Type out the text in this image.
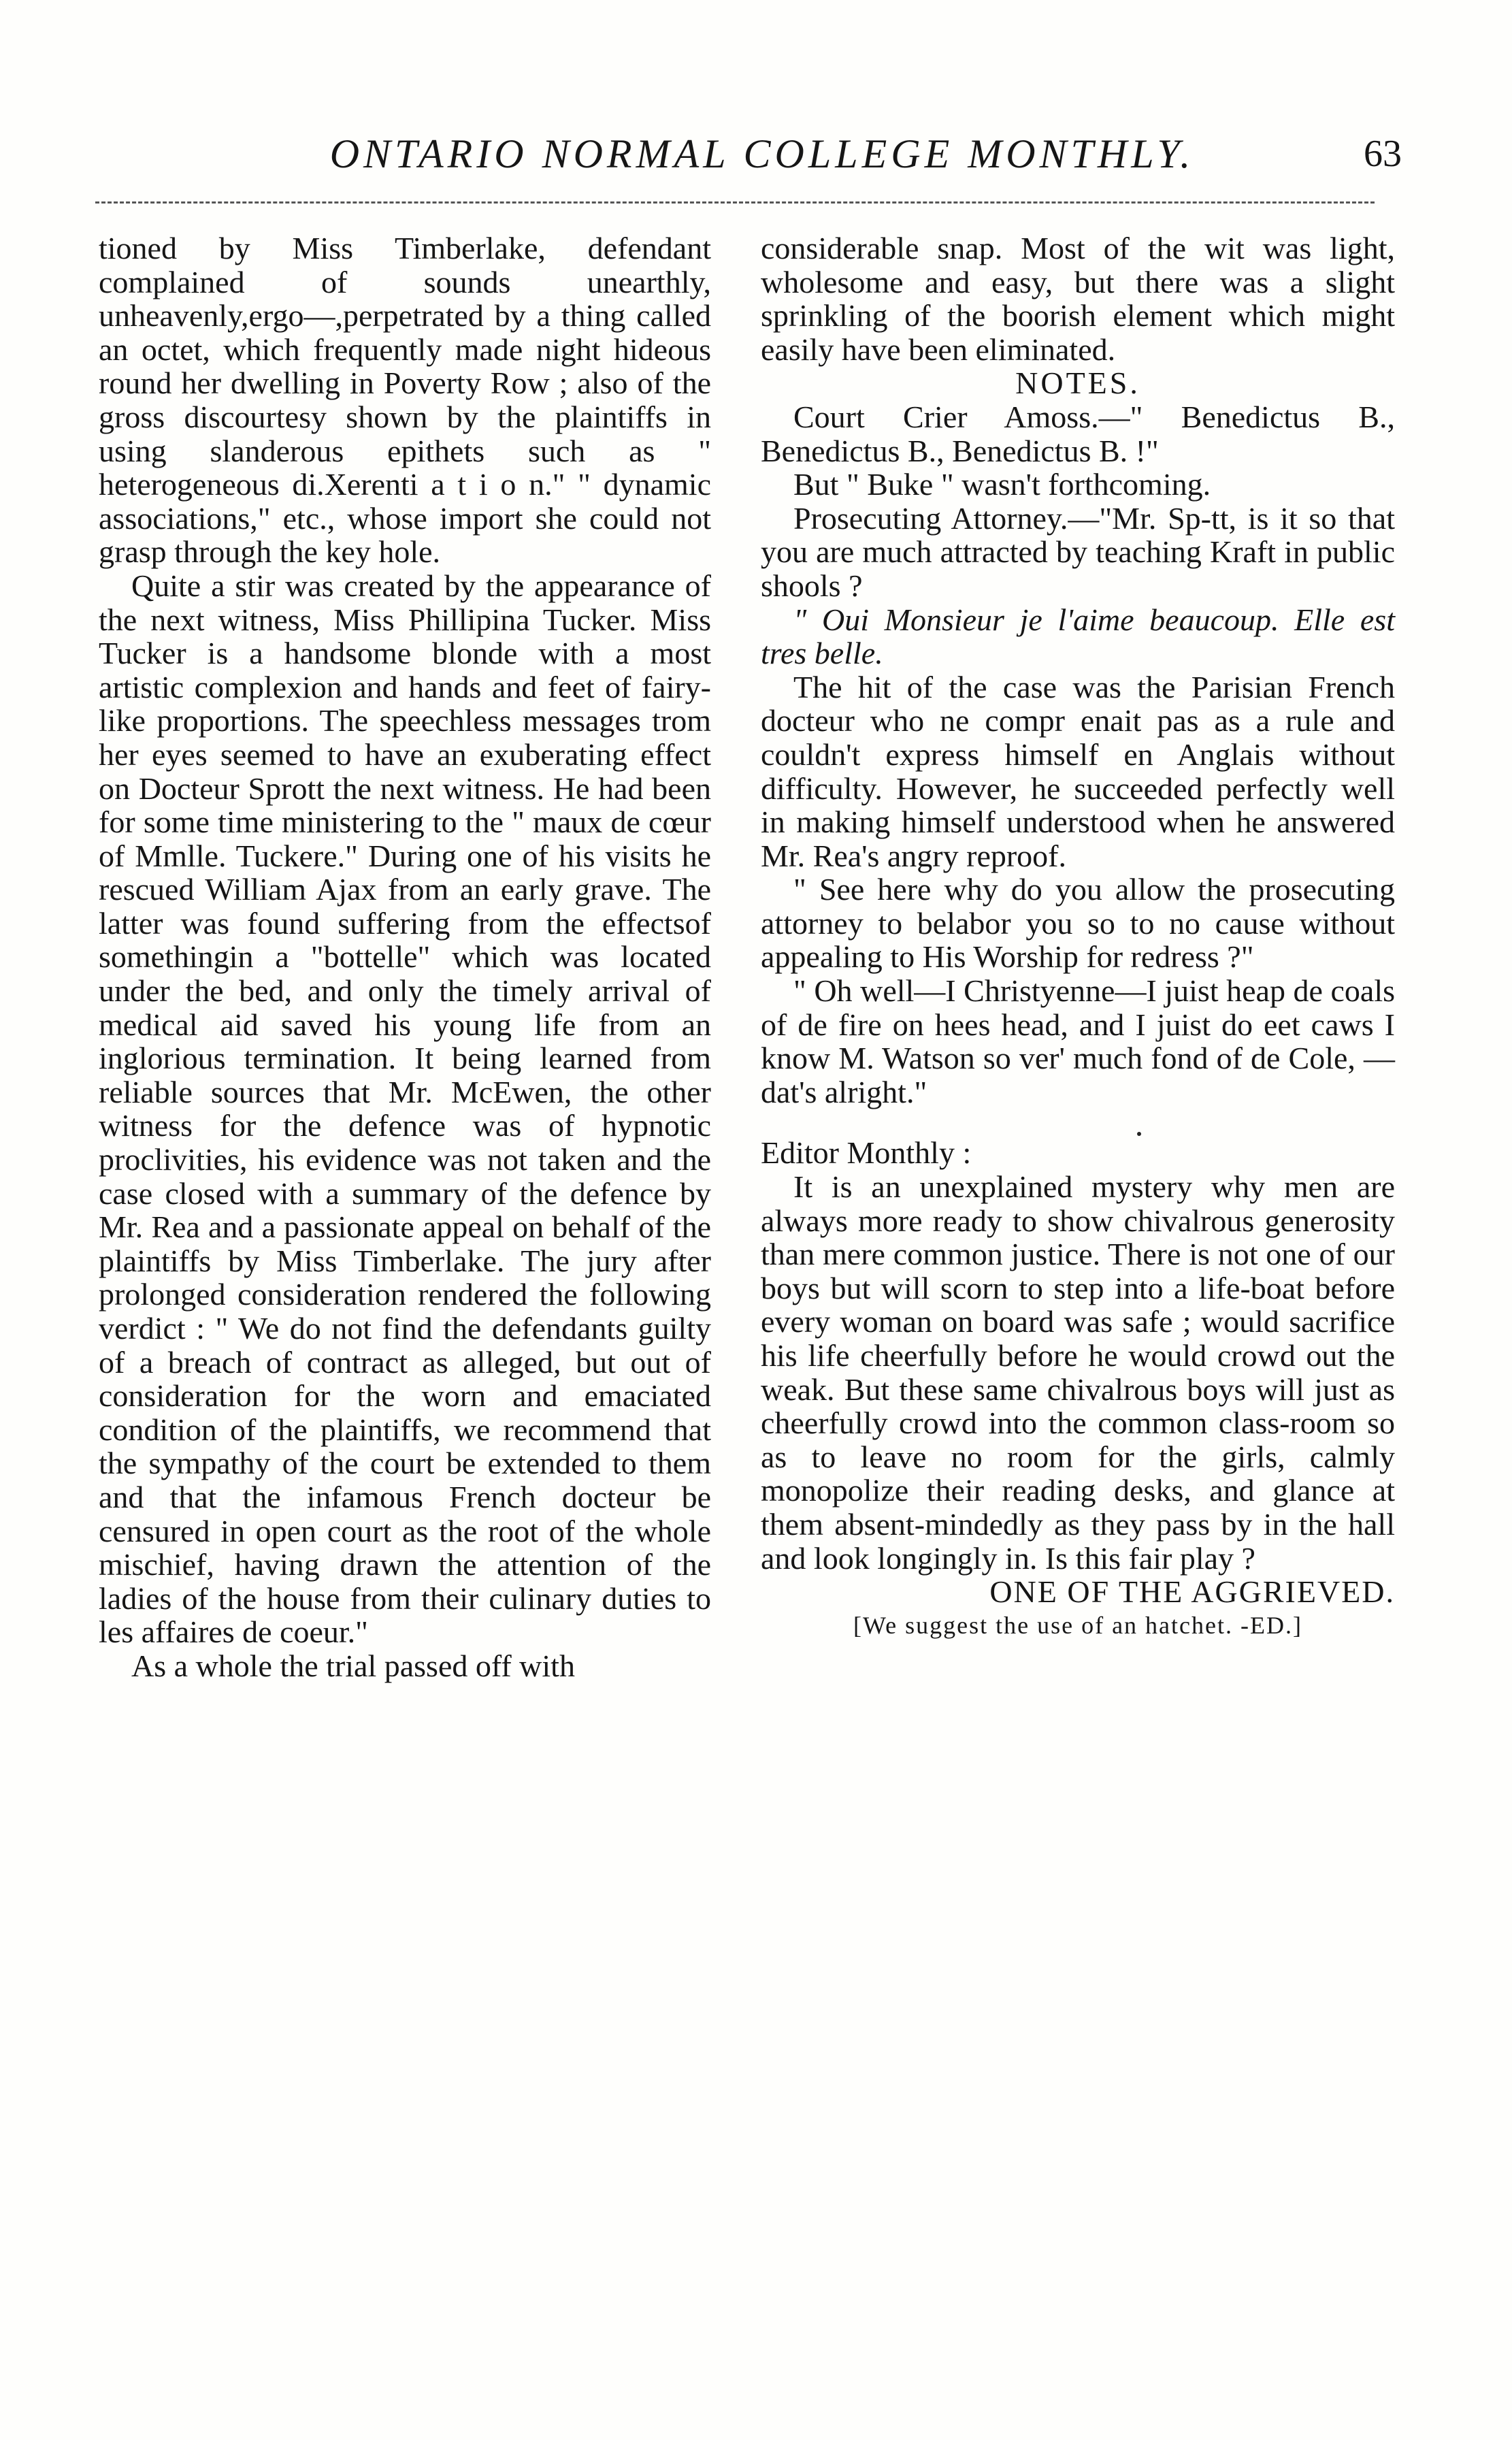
ONTARIO NORMAL COLLEGE MONTHLY.	63

tioned by Miss Timberlake, defendant complained of sounds unearthly, unheavenly,ergo—,perpetrated by a thing called an octet, which frequently made night hideous round her dwelling in Poverty Row ; also of the gross discourtesy shown by the plaintiffs in using slanderous epithets such as " heterogeneous di.Xerenti a t i o n." " dynamic associations," etc., whose import she could not grasp through the key hole.

Quite a stir was created by the appearance of the next witness, Miss Phillipina Tucker. Miss Tucker is a handsome blonde with a most artistic complexion and hands and feet of fairy-like proportions. The speechless messages trom her eyes seemed to have an exuberating effect on Docteur Sprott the next witness. He had been for some time ministering to the " maux de cœur of Mmlle. Tuckere." During one of his visits he rescued William Ajax from an early grave. The latter was found suffering from the effectsof somethingin a "bottelle" which was located under the bed, and only the timely arrival of medical aid saved his young life from an inglorious termination. It being learned from reliable sources that Mr. McEwen, the other witness for the defence was of hypnotic proclivities, his evidence was not taken and the case closed with a summary of the defence by Mr. Rea and a passionate appeal on behalf of the plaintiffs by Miss Timberlake. The jury after prolonged consideration rendered the following verdict : " We do not find the defendants guilty of a breach of contract as alleged, but out of consideration for the worn and emaciated condition of the plaintiffs, we recommend that the sympathy of the court be extended to them and that the infamous French docteur be censured in open court as the root of the whole mischief, having drawn the attention of the ladies of the house from their culinary duties to les affaires de coeur."

As a whole the trial passed off with

considerable snap. Most of the wit was light, wholesome and easy, but there was a slight sprinkling of the boorish element which might easily have been eliminated.

NOTES.

Court Crier Amoss.—" Benedictus B., Benedictus B., Benedictus B. !"

But " Buke " wasn't forthcoming.

Prosecuting Attorney.—"Mr. Sp-tt, is it so that you are much attracted by teaching Kraft in public shools ?

" Oui Monsieur je l'aime beaucoup. Elle est tres belle.

The hit of the case was the Parisian French docteur who ne compr enait pas as a rule and couldn't express himself en Anglais without difficulty. However, he succeeded perfectly well in making himself understood when he answered Mr. Rea's angry reproof.

" See here why do you allow the prosecuting attorney to belabor you so to no cause without appealing to His Worship for redress ?"

" Oh well—I Christyenne—I juist heap de coals of de fire on hees head, and I juist do eet caws I know M. Watson so ver' much fond of de Cole, —dat's alright."

Editor Monthly :

It is an unexplained mystery why men are always more ready to show chivalrous generosity than mere common justice. There is not one of our boys but will scorn to step into a life-boat before every woman on board was safe ; would sacrifice his life cheerfully before he would crowd out the weak. But these same chivalrous boys will just as cheerfully crowd into the common class-room so as to leave no room for the girls, calmly monopolize their reading desks, and glance at them absent-mindedly as they pass by in the hall and look longingly in. Is this fair play ?

ONE OF THE AGGRIEVED.

[We suggest the use of an hatchet. -ED.]
